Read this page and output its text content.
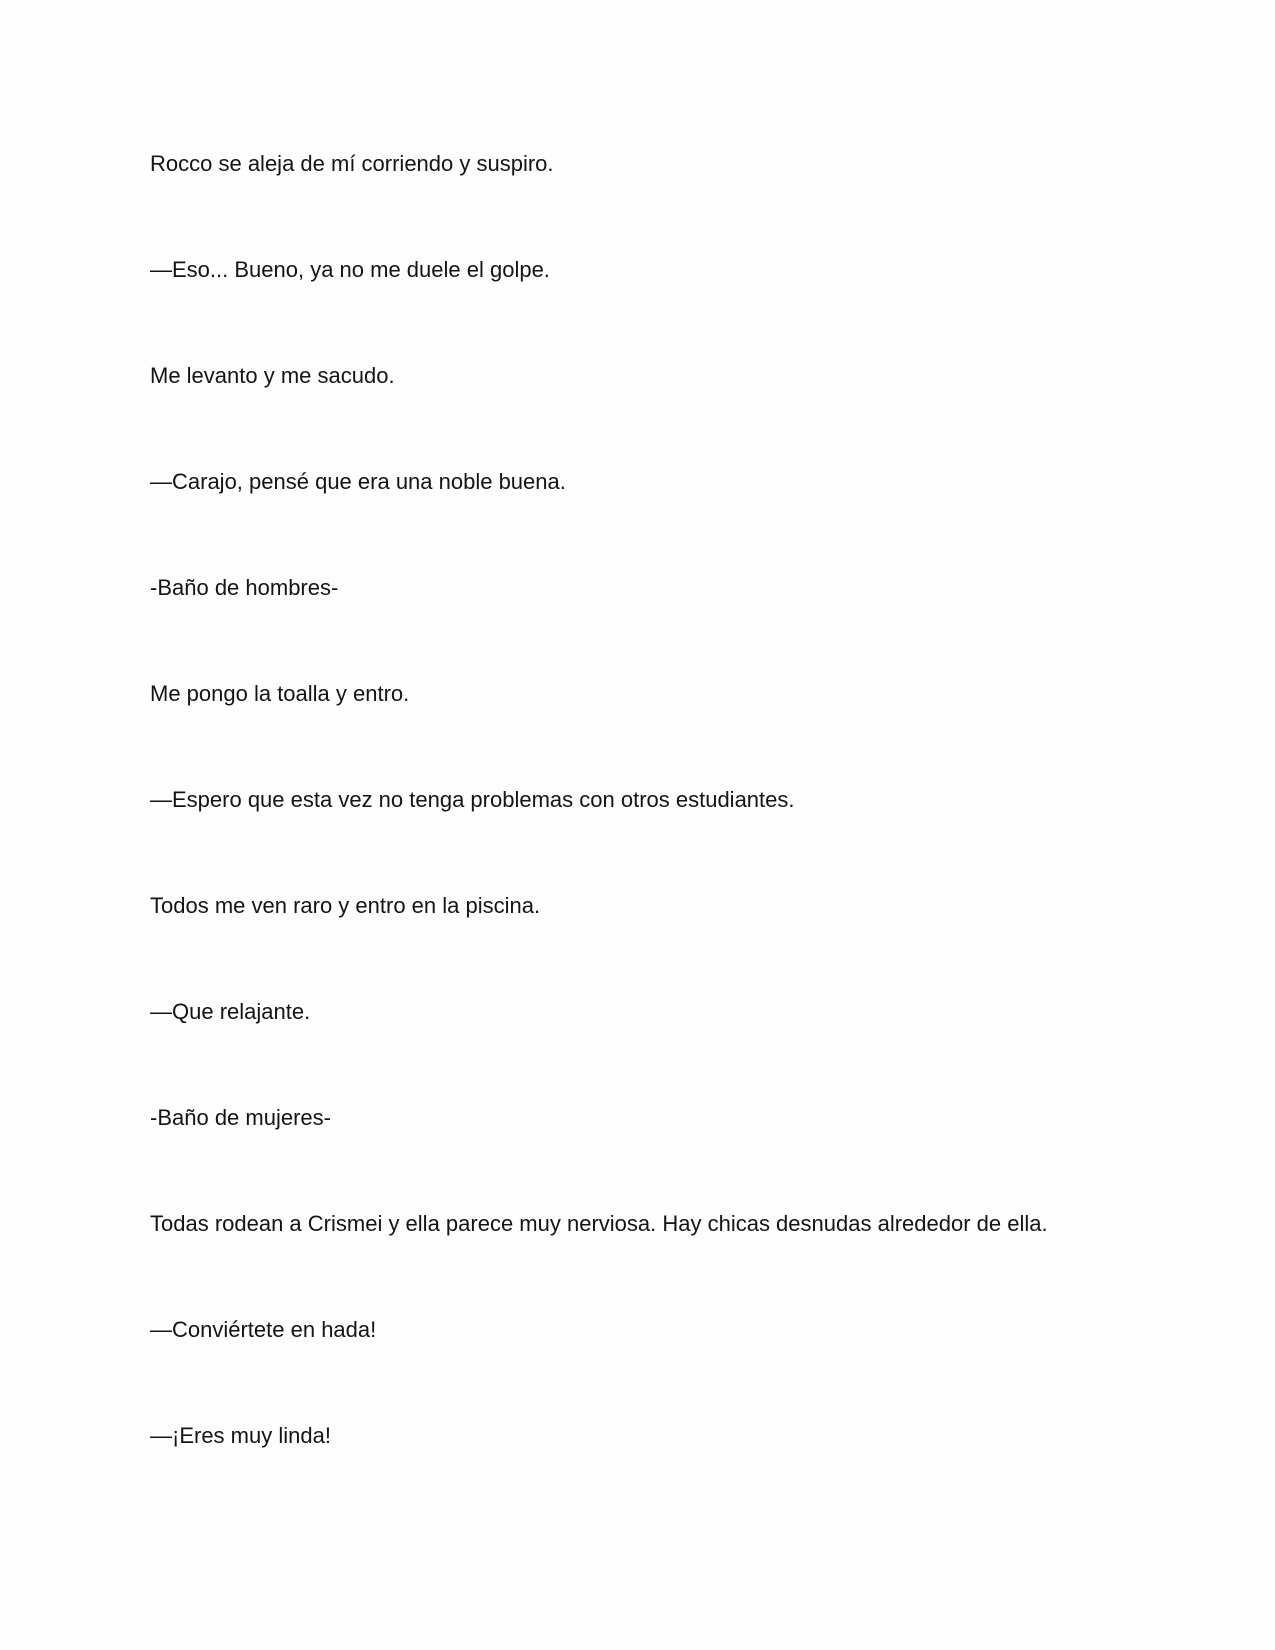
Rocco se aleja de mí corriendo y suspiro.

—Eso... Bueno, ya no me duele el golpe.

Me levanto y me sacudo.

—Carajo, pensé que era una noble buena.

-Baño de hombres-

Me pongo la toalla y entro.

—Espero que esta vez no tenga problemas con otros estudiantes.

Todos me ven raro y entro en la piscina.

—Que relajante.

-Baño de mujeres-

Todas rodean a Crismei y ella parece muy nerviosa. Hay chicas desnudas alrededor de ella.

—Conviértete en hada!

—¡Eres muy linda!
